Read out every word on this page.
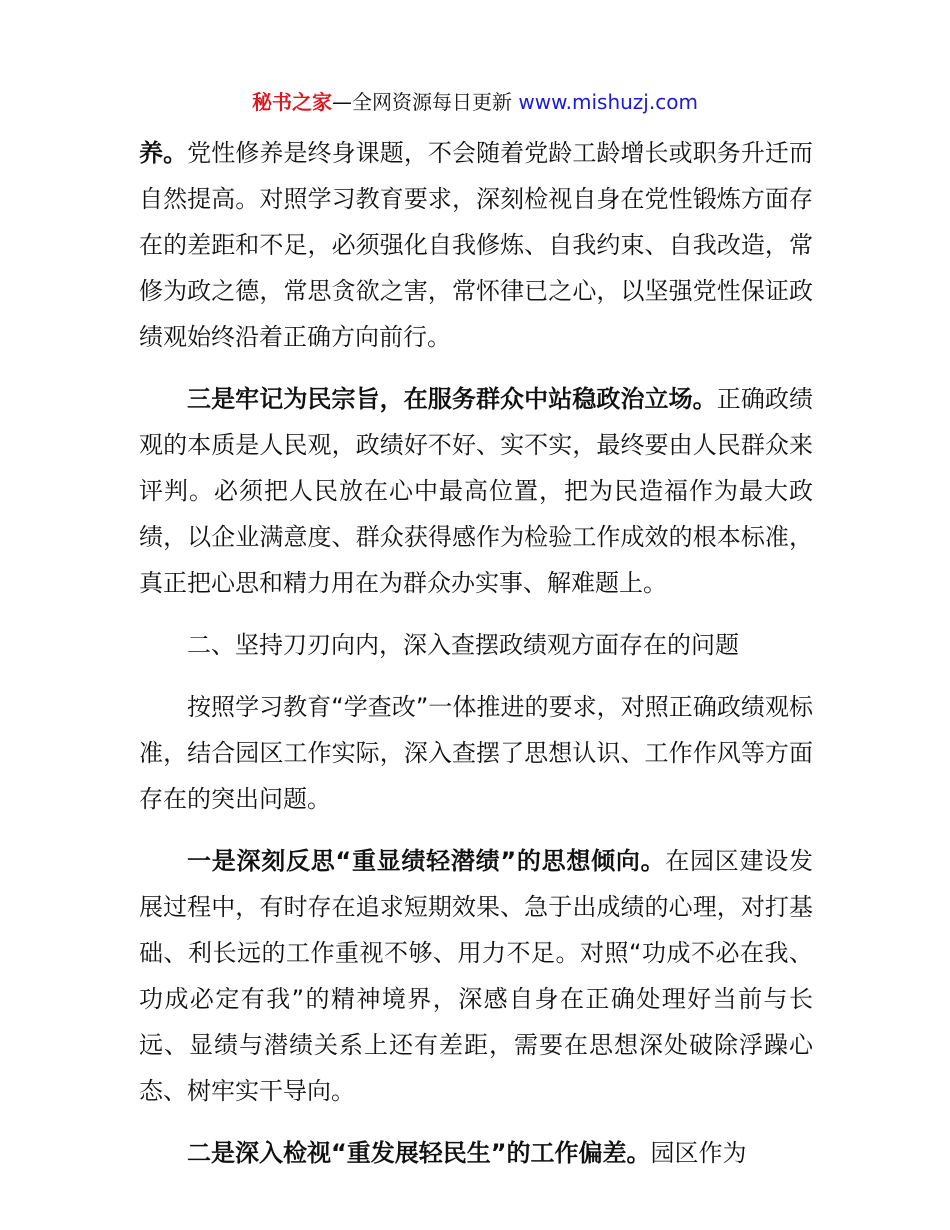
秘书之家—全网资源每日更新 www.mishuzj.com

养。党性修养是终身课题，不会随着党龄工龄增长或职务升迁而自然提高。对照学习教育要求，深刻检视自身在党性锻炼方面存在的差距和不足，必须强化自我修炼、自我约束、自我改造，常修为政之德，常思贪欲之害，常怀律已之心，以坚强党性保证政绩观始终沿着正确方向前行。

三是牢记为民宗旨，在服务群众中站稳政治立场。正确政绩观的本质是人民观，政绩好不好、实不实，最终要由人民群众来评判。必须把人民放在心中最高位置，把为民造福作为最大政绩，以企业满意度、群众获得感作为检验工作成效的根本标准，真正把心思和精力用在为群众办实事、解难题上。

二、坚持刀刃向内，深入查摆政绩观方面存在的问题

按照学习教育“学查改”一体推进的要求，对照正确政绩观标准，结合园区工作实际，深入查摆了思想认识、工作作风等方面存在的突出问题。

一是深刻反思“重显绩轻潜绩”的思想倾向。在园区建设发展过程中，有时存在追求短期效果、急于出成绩的心理，对打基础、利长远的工作重视不够、用力不足。对照“功成不必在我、功成必定有我”的精神境界，深感自身在正确处理好当前与长远、显绩与潜绩关系上还有差距，需要在思想深处破除浮躁心态、树牢实干导向。

二是深入检视“重发展轻民生”的工作偏差。园区作为
